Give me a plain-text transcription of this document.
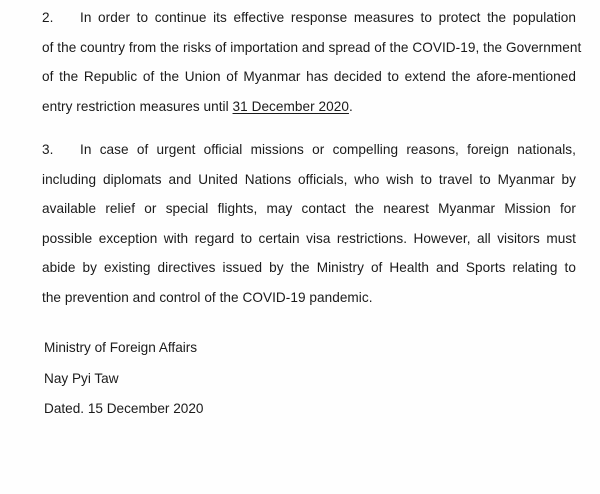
2. In order to continue its effective response measures to protect the population
of the country from the risks of importation and spread of the COVID-19, the Government
of the Republic of the Union of Myanmar has decided to extend the afore-mentioned
entry restriction measures until 31 December 2020.
3. In case of urgent official missions or compelling reasons, foreign nationals,
including diplomats and United Nations officials, who wish to travel to Myanmar by
available relief or special flights, may contact the nearest Myanmar Mission for
possible exception with regard to certain visa restrictions. However, all visitors must
abide by existing directives issued by the Ministry of Health and Sports relating to
the prevention and control of the COVID-19 pandemic.
Ministry of Foreign Affairs
Nay Pyi Taw
Dated. 15 December 2020
